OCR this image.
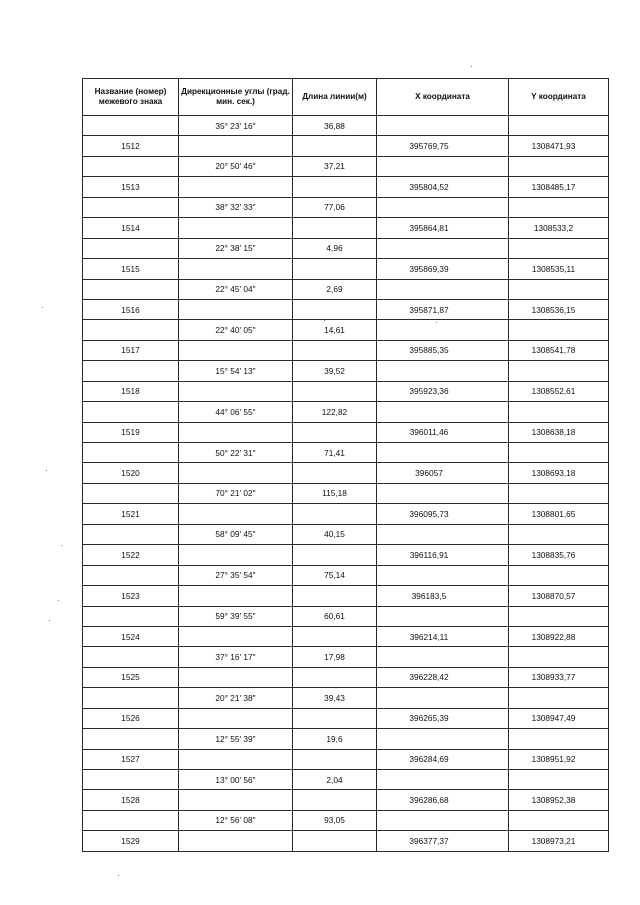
Название (номер) межевого знака	Дирекционные углы (град. мин. сек.)	Длина линии(м)	X координата	Y координата
	35° 23' 16"	36,88		
1512			395769,75	1308471,93
	20° 50' 46"	37,21		
1513			395804,52	1308485,17
	38° 32' 33"	77,06		
1514			395864,81	1308533,2
	22° 38' 15"	4,96		
1515			395869,39	1308535,11
	22° 45' 04"	2,69		
1516			395871,87	1308536,15
	22° 40' 05"	14,61		
1517			395885,35	1308541,78
	15° 54' 13"	39,52		
1518			395923,36	1308552,61
	44° 06' 55"	122,82		
1519			396011,46	1308638,18
	50° 22' 31"	71,41		
1520			396057	1308693,18
	70° 21' 02"	115,18		
1521			396095,73	1308801,65
	58° 09' 45"	40,15		
1522			396116,91	1308835,76
	27° 35' 54"	75,14		
1523			396183,5	1308870,57
	59° 39' 55"	60,61		
1524			396214,11	1308922,88
	37° 16' 17"	17,98		
1525			396228,42	1308933,77
	20° 21' 38"	39,43		
1526			396265,39	1308947,49
	12° 55' 39"	19,6		
1527			396284,69	1308951,92
	13° 00' 56"	2,04		
1528			396286,68	1308952,38
	12° 56' 08"	93,05		
1529			396377,37	1308973,21
